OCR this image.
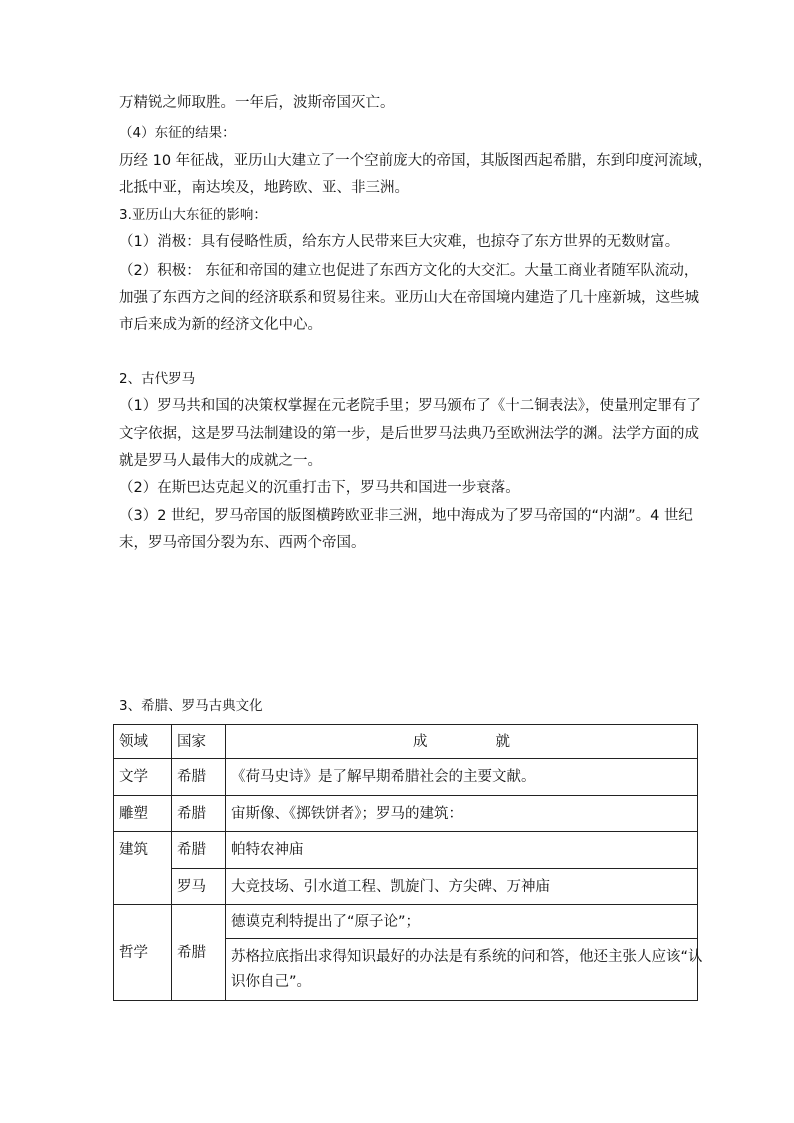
万精锐之师取胜。一年后，波斯帝国灭亡。
（4）东征的结果：
历经 10 年征战，亚历山大建立了一个空前庞大的帝国，其版图西起希腊，东到印度河流域，
北抵中亚，南达埃及，地跨欧、亚、非三洲。
3.亚历山大东征的影响：
（1）消极：具有侵略性质，给东方人民带来巨大灾难，也掠夺了东方世界的无数财富。
（2）积极： 东征和帝国的建立也促进了东西方文化的大交汇。大量工商业者随军队流动，
加强了东西方之间的经济联系和贸易往来。亚历山大在帝国境内建造了几十座新城，这些城
市后来成为新的经济文化中心。
2、古代罗马
（1）罗马共和国的决策权掌握在元老院手里；罗马颁布了《十二铜表法》，使量刑定罪有了
文字依据，这是罗马法制建设的第一步，是后世罗马法典乃至欧洲法学的渊。法学方面的成
就是罗马人最伟大的成就之一。
（2）在斯巴达克起义的沉重打击下，罗马共和国进一步衰落。
（3）2 世纪，罗马帝国的版图横跨欧亚非三洲，地中海成为了罗马帝国的“内湖”。4 世纪
末，罗马帝国分裂为东、西两个帝国。
3、希腊、罗马古典文化
领域	国家	成 就
文学	希腊	《荷马史诗》是了解早期希腊社会的主要文献。
雕塑	希腊	宙斯像、《掷铁饼者》；罗马的建筑：
建筑	希腊	帕特农神庙
	罗马	大竞技场、引水道工程、凯旋门、方尖碑、万神庙
哲学	希腊	德谟克利特提出了“原子论”；

		苏格拉底指出求得知识最好的办法是有系统的问和答，他还主张人应该“认
识你自己”。
